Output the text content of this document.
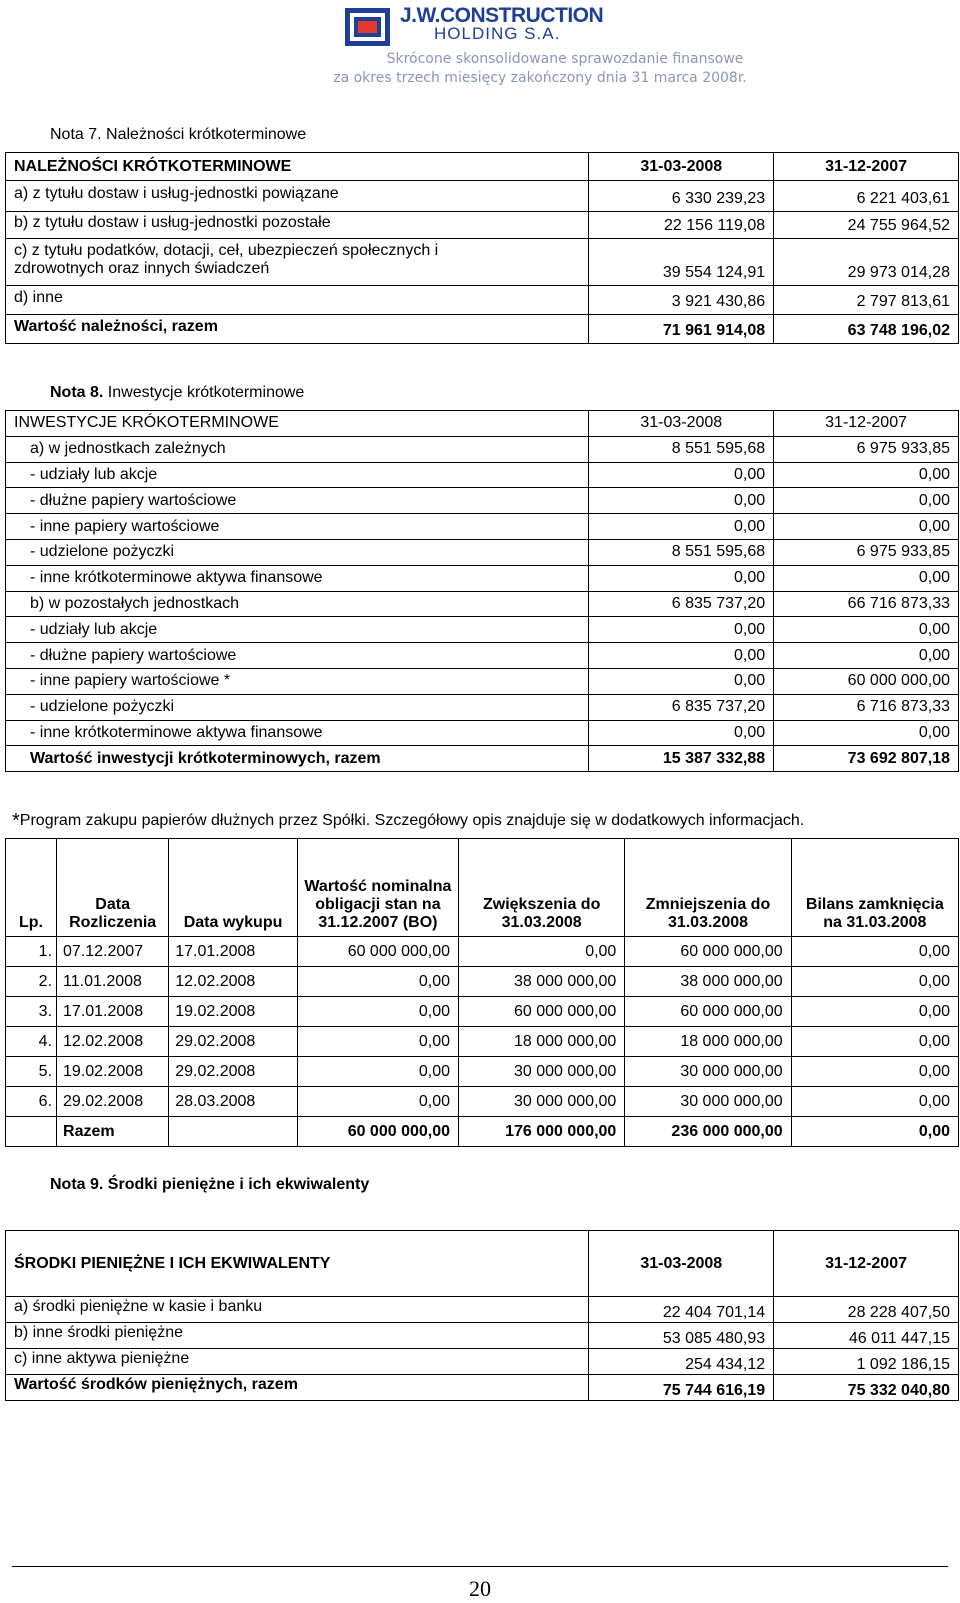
J.W.CONSTRUCTION
HOLDING S.A.
Skrócone skonsolidowane sprawozdanie finansowe
za okres trzech miesięcy zakończony dnia 31 marca 2008r.
Nota 7. Należności krótkoterminowe
NALEŻNOŚCI KRÓTKOTERMINOWE	31-03-2008	31-12-2007
a) z tytułu dostaw i usług-jednostki powiązane	6 330 239,23	6 221 403,61
b) z tytułu dostaw i usług-jednostki pozostałe	22 156 119,08	24 755 964,52
c) z tytułu podatków, dotacji, ceł, ubezpieczeń społecznych i zdrowotnych oraz innych świadczeń	39 554 124,91	29 973 014,28
d) inne	3 921 430,86	2 797 813,61
Wartość należności, razem	71 961 914,08	63 748 196,02
Nota 8. Inwestycje krótkoterminowe
INWESTYCJE KRÓKOTERMINOWE	31-03-2008	31-12-2007
a) w jednostkach zależnych	8 551 595,68	6 975 933,85
- udziały lub akcje	0,00	0,00
- dłużne papiery wartościowe	0,00	0,00
- inne papiery wartościowe	0,00	0,00
- udzielone pożyczki	8 551 595,68	6 975 933,85
- inne krótkoterminowe aktywa finansowe	0,00	0,00
b) w pozostałych jednostkach	6 835 737,20	66 716 873,33
- udziały lub akcje	0,00	0,00
- dłużne papiery wartościowe	0,00	0,00
- inne papiery wartościowe *	0,00	60 000 000,00
- udzielone pożyczki	6 835 737,20	6 716 873,33
- inne krótkoterminowe aktywa finansowe	0,00	0,00
Wartość inwestycji krótkoterminowych, razem	15 387 332,88	73 692 807,18
*Program zakupu papierów dłużnych przez Spółki. Szczegółowy opis znajduje się w dodatkowych informacjach.
Lp.	Data Rozliczenia	Data wykupu	Wartość nominalna obligacji stan na 31.12.2007 (BO)	Zwiększenia do 31.03.2008	Zmniejszenia do 31.03.2008	Bilans zamknięcia na 31.03.2008
1.	07.12.2007	17.01.2008	60 000 000,00	0,00	60 000 000,00	0,00
2.	11.01.2008	12.02.2008	0,00	38 000 000,00	38 000 000,00	0,00
3.	17.01.2008	19.02.2008	0,00	60 000 000,00	60 000 000,00	0,00
4.	12.02.2008	29.02.2008	0,00	18 000 000,00	18 000 000,00	0,00
5.	19.02.2008	29.02.2008	0,00	30 000 000,00	30 000 000,00	0,00
6.	29.02.2008	28.03.2008	0,00	30 000 000,00	30 000 000,00	0,00
	Razem		60 000 000,00	176 000 000,00	236 000 000,00	0,00
Nota 9. Środki pieniężne i ich ekwiwalenty
ŚRODKI PIENIĘŻNE I ICH EKWIWALENTY	31-03-2008	31-12-2007
a) środki pieniężne w kasie i banku	22 404 701,14	28 228 407,50
b) inne środki pieniężne	53 085 480,93	46 011 447,15
c) inne aktywa pieniężne	254 434,12	1 092 186,15
Wartość środków pieniężnych, razem	75 744 616,19	75 332 040,80
20
